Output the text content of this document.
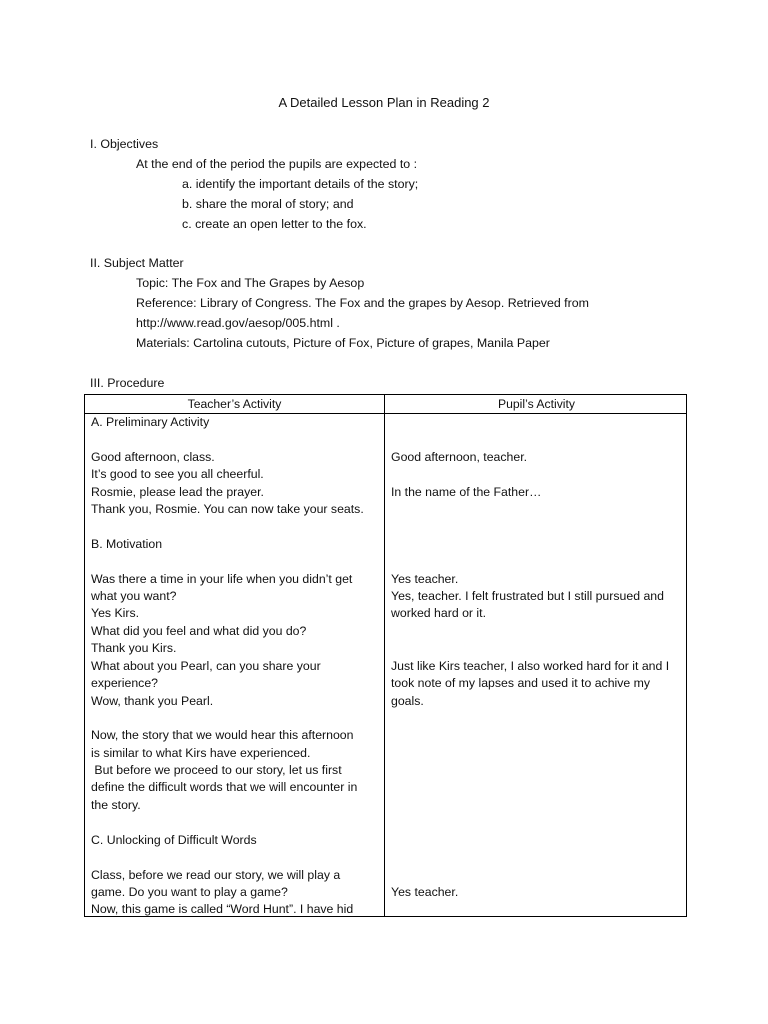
A Detailed Lesson Plan in Reading 2
I. Objectives
At the end of the period the pupils are expected to :
a. identify the important details of the story;
b. share the moral of story; and
c. create an open letter to the fox.
II. Subject Matter
Topic: The Fox and The Grapes by Aesop
Reference: Library of Congress. The Fox and the grapes by Aesop. Retrieved from
http://www.read.gov/aesop/005.html .
Materials: Cartolina cutouts, Picture of Fox, Picture of grapes, Manila Paper
III. Procedure
Teacher’s Activity	Pupil’s Activity
A. Preliminary Activity
Good afternoon, class.
It’s good to see you all cheerful.
Rosmie, please lead the prayer.
Thank you, Rosmie. You can now take your seats.
B. Motivation
Was there a time in your life when you didn’t get
what you want?
Yes Kirs.
What did you feel and what did you do?
Thank you Kirs.
What about you Pearl, can you share your
experience?
Wow, thank you Pearl.
Now, the story that we would hear this afternoon
is similar to what Kirs have experienced.
But before we proceed to our story, let us first
define the difficult words that we will encounter in
the story.
C. Unlocking of Difficult Words
Class, before we read our story, we will play a
game. Do you want to play a game?
Now, this game is called “Word Hunt”. I have hid
Good afternoon, teacher.
In the name of the Father…
Yes teacher.
Yes, teacher. I felt frustrated but I still pursued and
worked hard or it.
Just like Kirs teacher, I also worked hard for it and I
took note of my lapses and used it to achive my
goals.
Yes teacher.
